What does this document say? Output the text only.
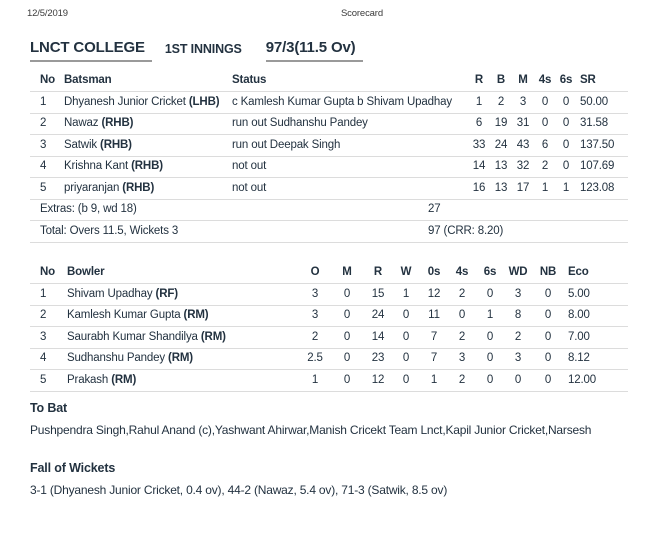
12/5/2019	Scorecard
LNCT COLLEGE	1ST INNINGS 97/3(11.5 Ov)
No	Batsman	Status	R	B	M	4s	6s	SR
1	Dhyanesh Junior Cricket (LHB)	c Kamlesh Kumar Gupta b Shivam Upadhay	1	2	3	0	0	50.00
2	Nawaz (RHB)	run out Sudhanshu Pandey	6	19	31	0	0	31.58
3	Satwik (RHB)	run out Deepak Singh	33	24	43	6	0	137.50
4	Krishna Kant (RHB)	not out	14	13	32	2	0	107.69
5	priyaranjan (RHB)	not out	16	13	17	1	1	123.08
Extras: (b 9, wd 18)		27						
Total: Overs 11.5, Wickets 3		97 (CRR: 8.20)						
No	Bowler	O	M	R	W	0s	4s	6s	WD	NB	Eco
1	Shivam Upadhay (RF)	3	0	15	1	12	2	0	3	0	5.00
2	Kamlesh Kumar Gupta (RM)	3	0	24	0	11	0	1	8	0	8.00
3	Saurabh Kumar Shandilya (RM)	2	0	14	0	7	2	0	2	0	7.00
4	Sudhanshu Pandey (RM)	2.5	0	23	0	7	3	0	3	0	8.12
5	Prakash (RM)	1	0	12	0	1	2	0	0	0	12.00
To Bat
Pushpendra Singh,Rahul Anand (c),Yashwant Ahirwar,Manish Cricekt Team Lnct,Kapil Junior Cricket,Narsesh
Fall of Wickets
3-1 (Dhyanesh Junior Cricket, 0.4 ov), 44-2 (Nawaz, 5.4 ov), 71-3 (Satwik, 8.5 ov)
